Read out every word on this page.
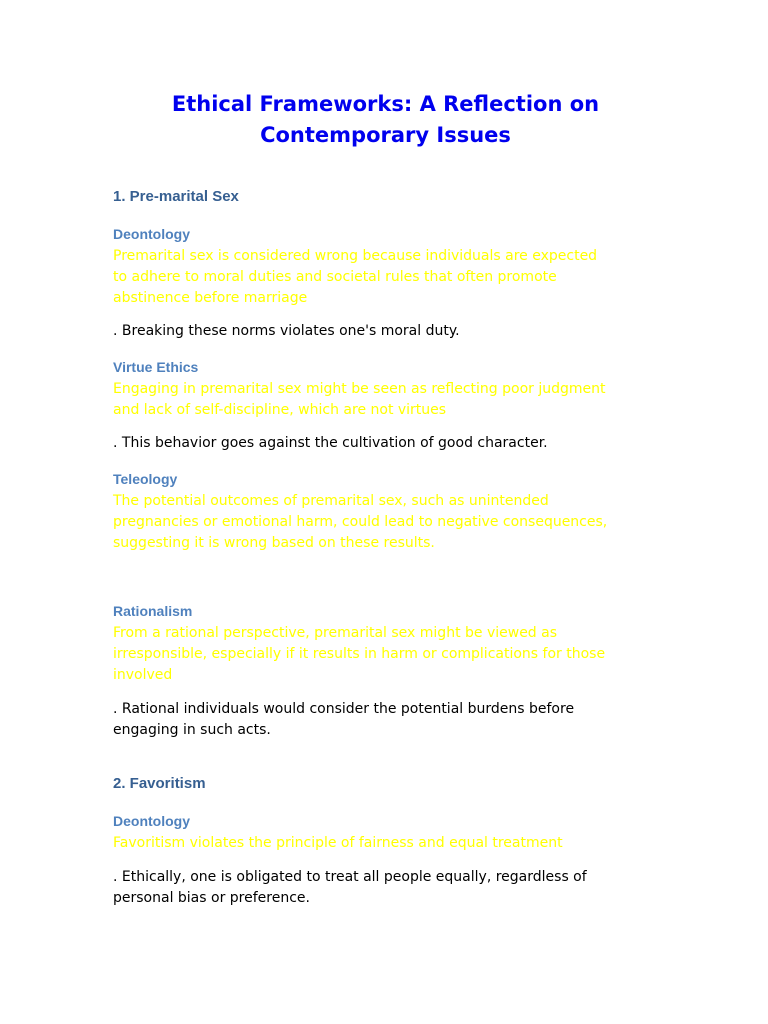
Ethical Frameworks: A Reflection on
Contemporary Issues
1. Pre-marital Sex
Deontology
Premarital sex is considered wrong because individuals are expected
to adhere to moral duties and societal rules that often promote
abstinence before marriage
. Breaking these norms violates one's moral duty.
Virtue Ethics
Engaging in premarital sex might be seen as reflecting poor judgment
and lack of self-discipline, which are not virtues
. This behavior goes against the cultivation of good character.
Teleology
The potential outcomes of premarital sex, such as unintended
pregnancies or emotional harm, could lead to negative consequences,
suggesting it is wrong based on these results.
Rationalism
From a rational perspective, premarital sex might be viewed as
irresponsible, especially if it results in harm or complications for those
involved
. Rational individuals would consider the potential burdens before
engaging in such acts.
2. Favoritism
Deontology
Favoritism violates the principle of fairness and equal treatment
. Ethically, one is obligated to treat all people equally, regardless of
personal bias or preference.
